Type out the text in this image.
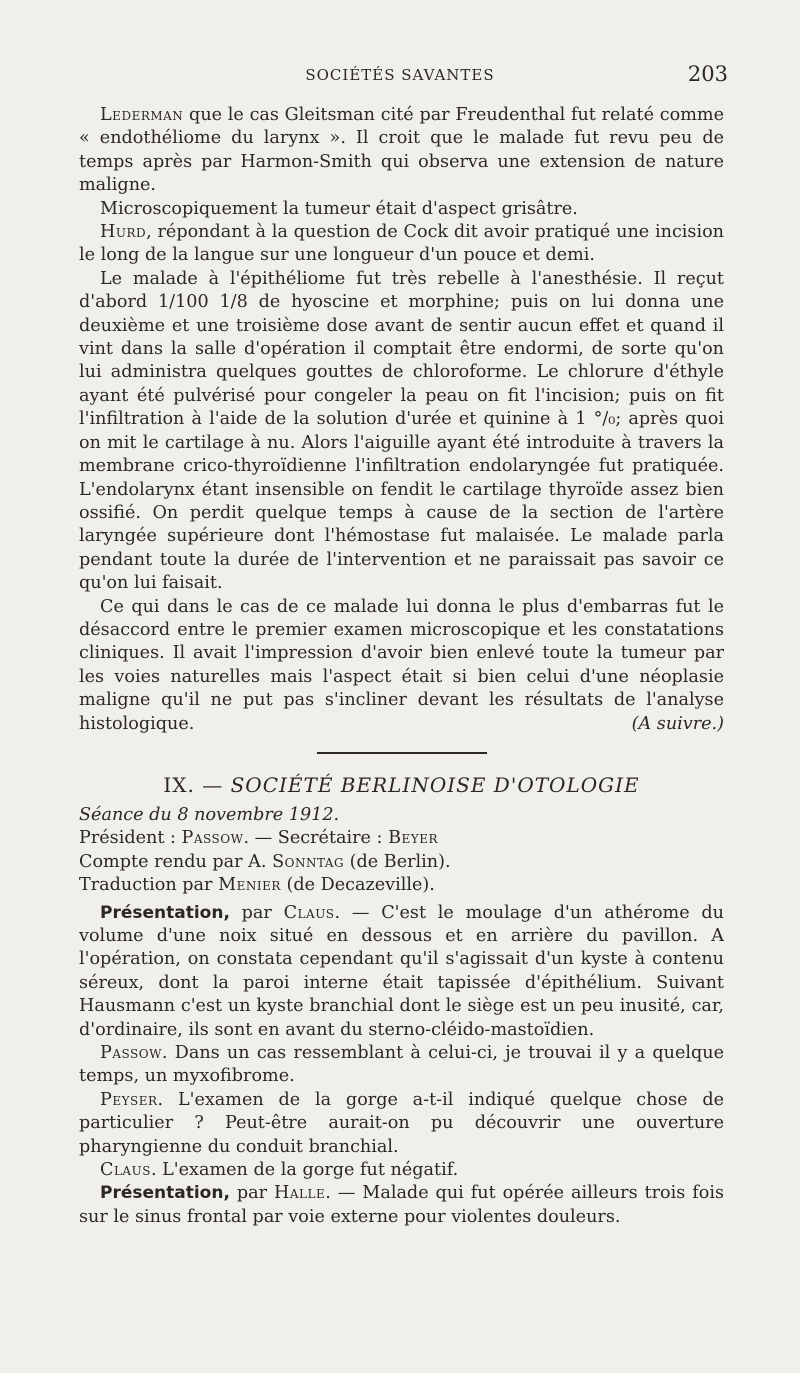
SOCIÉTÉS SAVANTES	203

Lederman que le cas Gleitsman cité par Freudenthal fut relaté comme « endothéliome du larynx ». Il croit que le malade fut revu peu de temps après par Harmon-Smith qui observa une extension de nature maligne.

Microscopiquement la tumeur était d'aspect grisâtre.

Hurd, répondant à la question de Cock dit avoir pratiqué une incision le long de la langue sur une longueur d'un pouce et demi.

Le malade à l'épithéliome fut très rebelle à l'anesthésie. Il reçut d'abord 1/100 1/8 de hyoscine et morphine; puis on lui donna une deuxième et une troisième dose avant de sentir aucun effet et quand il vint dans la salle d'opération il comptait être endormi, de sorte qu'on lui administra quelques gouttes de chloroforme. Le chlorure d'éthyle ayant été pulvérisé pour congeler la peau on fit l'incision; puis on fit l'infiltration à l'aide de la solution d'urée et quinine à 1 °/₀; après quoi on mit le cartilage à nu. Alors l'aiguille ayant été introduite à travers la membrane crico-thyroïdienne l'infiltration endolaryngée fut pratiquée. L'endolarynx étant insensible on fendit le cartilage thyroïde assez bien ossifié. On perdit quelque temps à cause de la section de l'artère laryngée supérieure dont l'hémostase fut malaisée. Le malade parla pendant toute la durée de l'intervention et ne paraissait pas savoir ce qu'on lui faisait.

Ce qui dans le cas de ce malade lui donna le plus d'embarras fut le désaccord entre le premier examen microscopique et les constatations cliniques. Il avait l'impression d'avoir bien enlevé toute la tumeur par les voies naturelles mais l'aspect était si bien celui d'une néoplasie maligne qu'il ne put pas s'incliner devant les résultats de l'analyse histologique.	(A suivre.)

IX. — SOCIÉTÉ BERLINOISE D'OTOLOGIE

Séance du 8 novembre 1912.

Président : Passow. — Secrétaire : Beyer

Compte rendu par A. Sonntag (de Berlin).

Traduction par Menier (de Decazeville).

Présentation, par Claus. — C'est le moulage d'un athérome du volume d'une noix situé en dessous et en arrière du pavillon. A l'opération, on constata cependant qu'il s'agissait d'un kyste à contenu séreux, dont la paroi interne était tapissée d'épithélium. Suivant Hausmann c'est un kyste branchial dont le siège est un peu inusité, car, d'ordinaire, ils sont en avant du sterno-cléido-mastoïdien.

Passow. Dans un cas ressemblant à celui-ci, je trouvai il y a quelque temps, un myxofibrome.

Peyser. L'examen de la gorge a-t-il indiqué quelque chose de particulier ? Peut-être aurait-on pu découvrir une ouverture pharyngienne du conduit branchial.

Claus. L'examen de la gorge fut négatif.

Présentation, par Halle. — Malade qui fut opérée ailleurs trois fois sur le sinus frontal par voie externe pour violentes douleurs.
